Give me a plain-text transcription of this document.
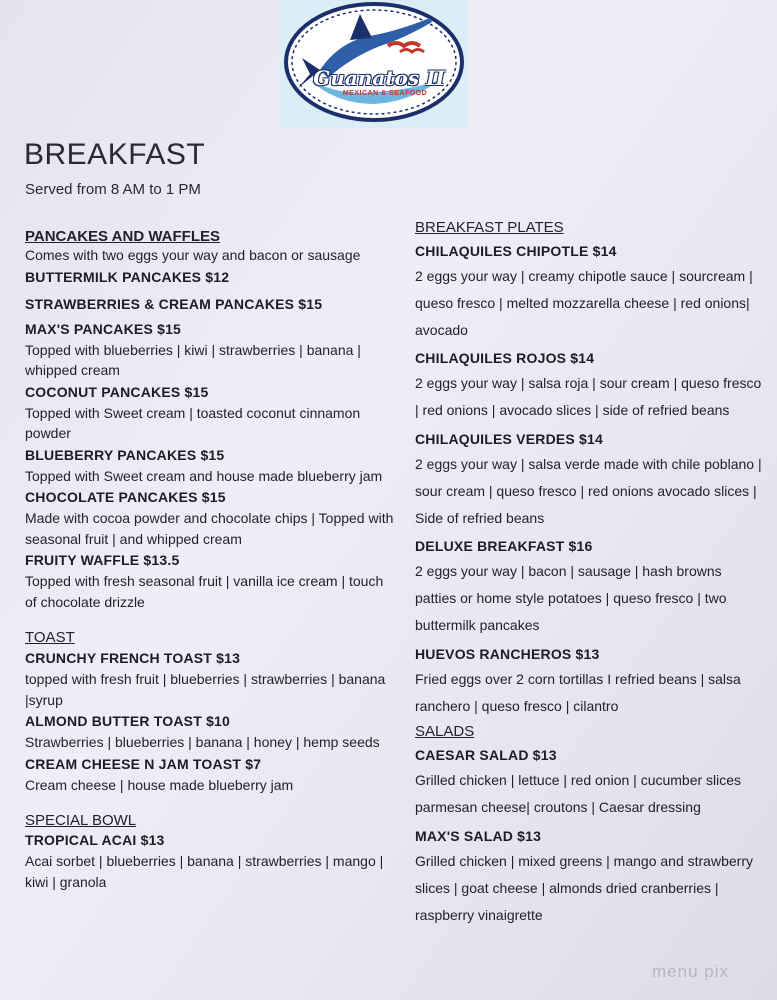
Guanatos II
MEXICAN & SEAFOOD
BREAKFAST
Served from 8 AM to 1 PM
PANCAKES AND WAFFLES
Comes with two eggs your way and bacon or sausage
BUTTERMILK PANCAKES $12
STRAWBERRIES & CREAM PANCAKES $15
MAX'S PANCAKES $15
Topped with blueberries | kiwi | strawberries | banana | whipped cream
COCONUT PANCAKES $15
Topped with Sweet cream | toasted coconut cinnamon powder
BLUEBERRY PANCAKES $15
Topped with Sweet cream and house made blueberry jam
CHOCOLATE PANCAKES $15
Made with cocoa powder and chocolate chips | Topped with seasonal fruit | and whipped cream
FRUITY WAFFLE $13.5
Topped with fresh seasonal fruit | vanilla ice cream | touch of chocolate drizzle
TOAST
CRUNCHY FRENCH TOAST $13
topped with fresh fruit | blueberries | strawberries | banana |syrup
ALMOND BUTTER TOAST $10
Strawberries | blueberries | banana | honey | hemp seeds
CREAM CHEESE N JAM TOAST $7
Cream cheese | house made blueberry jam
SPECIAL BOWL
TROPICAL ACAI $13
Acai sorbet | blueberries | banana | strawberries | mango | kiwi | granola
BREAKFAST PLATES
CHILAQUILES CHIPOTLE $14
2 eggs your way | creamy chipotle sauce | sourcream | queso fresco | melted mozzarella cheese | red onions| avocado
CHILAQUILES ROJOS $14
2 eggs your way | salsa roja | sour cream | queso fresco | red onions | avocado slices | side of refried beans
CHILAQUILES VERDES $14
2 eggs your way | salsa verde made with chile poblano | sour cream | queso fresco | red onions avocado slices | Side of refried beans
DELUXE BREAKFAST $16
2 eggs your way | bacon | sausage | hash browns patties or home style potatoes | queso fresco | two buttermilk pancakes
HUEVOS RANCHEROS $13
Fried eggs over 2 corn tortillas I refried beans | salsa ranchero | queso fresco | cilantro
SALADS
CAESAR SALAD $13
Grilled chicken | lettuce | red onion | cucumber slices parmesan cheese| croutons | Caesar dressing
MAX'S SALAD $13
Grilled chicken | mixed greens | mango and strawberry slices | goat cheese | almonds dried cranberries | raspberry vinaigrette
menu pix
